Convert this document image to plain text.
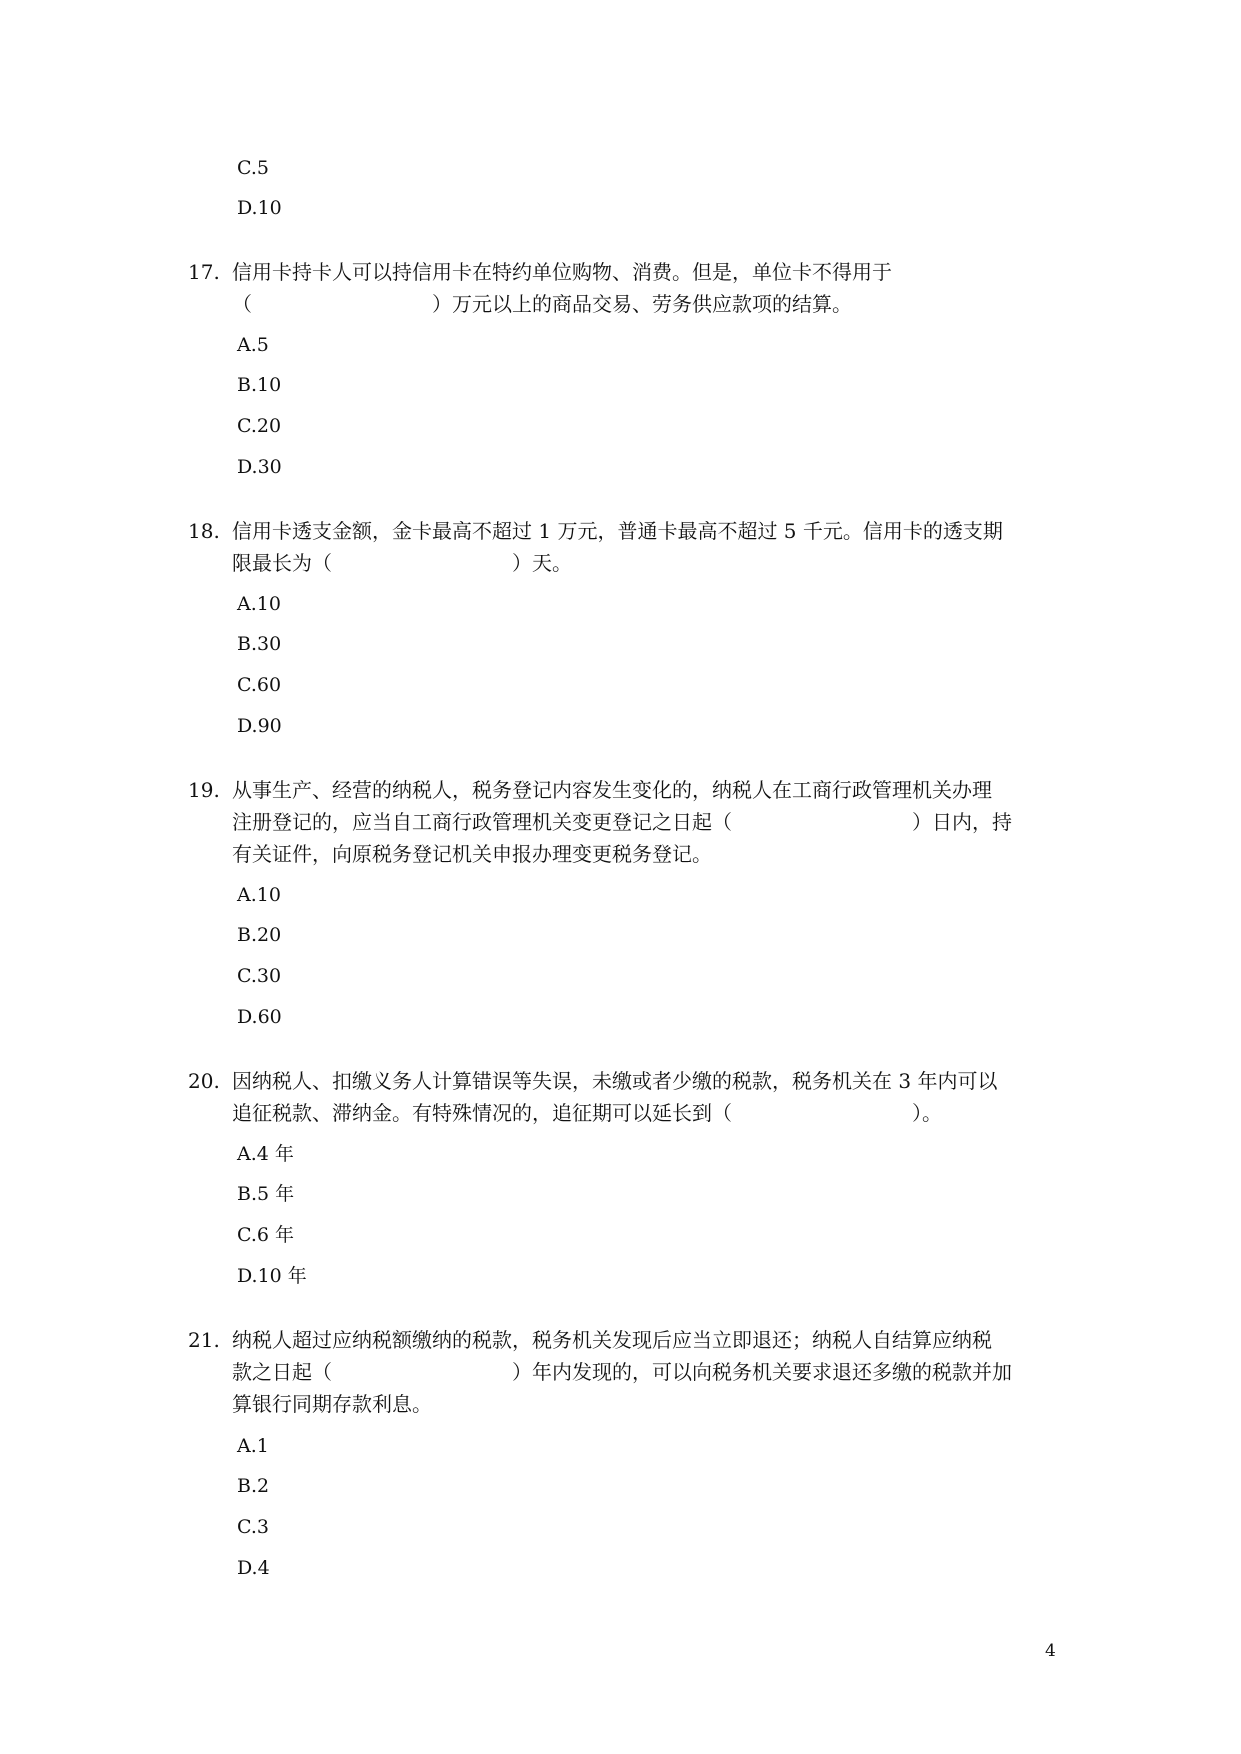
C.5
D.10
17. 信用卡持卡人可以持信用卡在特约单位购物、消费。但是，单位卡不得用于
（　　　　　　　　　）万元以上的商品交易、劳务供应款项的结算。
A.5
B.10
C.20
D.30
18. 信用卡透支金额，金卡最高不超过 1 万元，普通卡最高不超过 5 千元。信用卡的透支期
限最长为（　　　　　　　　　）天。
A.10
B.30
C.60
D.90
19. 从事生产、经营的纳税人，税务登记内容发生变化的，纳税人在工商行政管理机关办理
注册登记的，应当自工商行政管理机关变更登记之日起（　　　　　　　　　）日内，持
有关证件，向原税务登记机关申报办理变更税务登记。
A.10
B.20
C.30
D.60
20. 因纳税人、扣缴义务人计算错误等失误，未缴或者少缴的税款，税务机关在 3 年内可以
追征税款、滞纳金。有特殊情况的，追征期可以延长到（　　　　　　　　　）。
A.4 年
B.5 年
C.6 年
D.10 年
21. 纳税人超过应纳税额缴纳的税款，税务机关发现后应当立即退还；纳税人自结算应纳税
款之日起（　　　　　　　　　）年内发现的，可以向税务机关要求退还多缴的税款并加
算银行同期存款利息。
A.1
B.2
C.3
D.4
4
